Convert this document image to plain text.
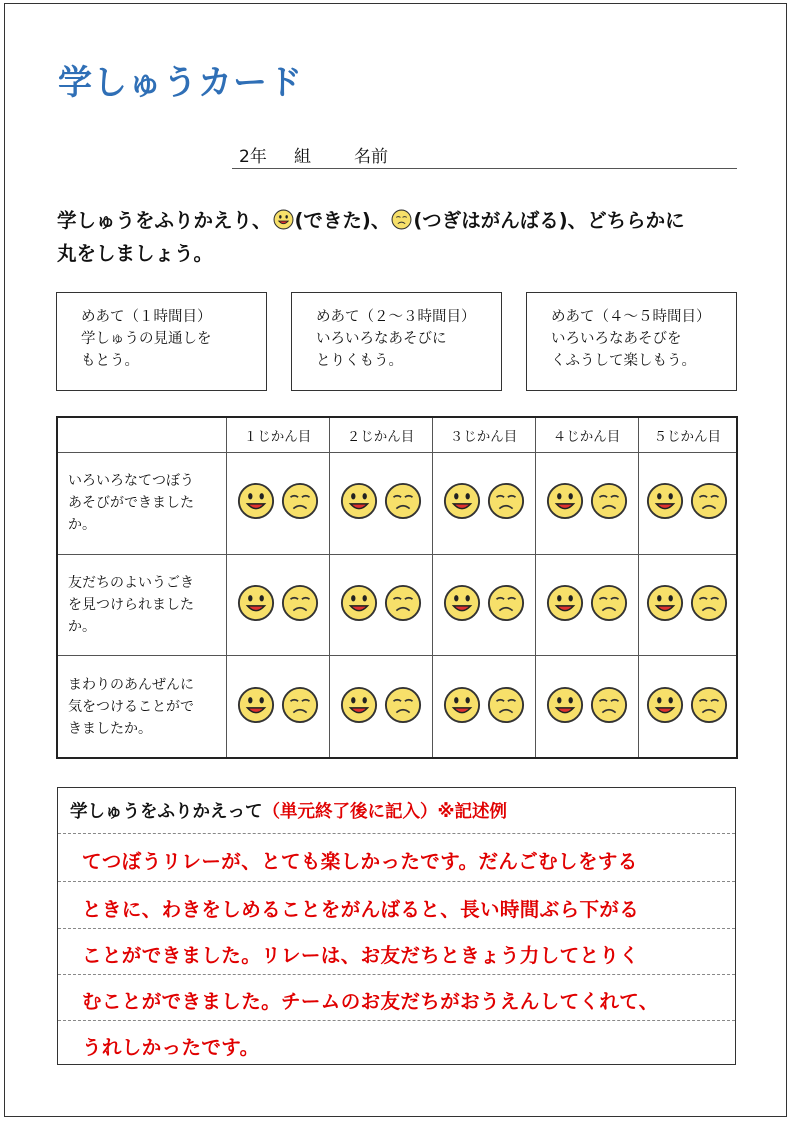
学しゅうカード
2年 組	名前
学しゅうをふりかえり、 (できた)、 (つぎはがんばる)、どちらかに
丸をしましょう。
めあて（１時間目）
学しゅうの見通しを
もとう。
めあて（２～３時間目）
いろいろなあそびに
とりくもう。
めあて（４～５時間目）
いろいろなあそびを
くふうして楽しもう。
	１じかん目	２じかん目	３じかん目	４じかん目	５じかん目

いろいろなてつぼう
あそびができました
か。

友だちのよいうごき
を見つけられました
か。

まわりのあんぜんに
気をつけることがで
きましたか。

学しゅうをふりかえって（単元終了後に記入）※記述例
てつぼうリレーが、とても楽しかったです。だんごむしをする
ときに、わきをしめることをがんばると、長い時間ぶら下がる
ことができました。リレーは、お友だちときょう力してとりく
むことができました。チームのお友だちがおうえんしてくれて、
うれしかったです。
